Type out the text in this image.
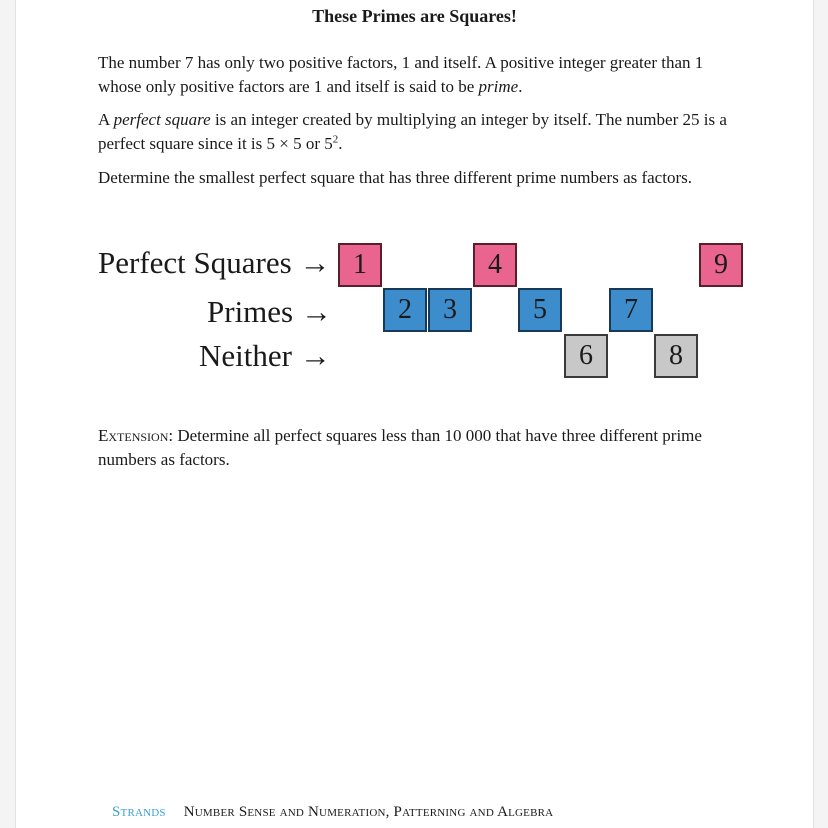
These Primes are Squares!

The number 7 has only two positive factors, 1 and itself. A positive integer greater than 1 whose only positive factors are 1 and itself is said to be prime.

A perfect square is an integer created by multiplying an integer by itself. The number 25 is a perfect square since it is 5 × 5 or $5^2$.

Determine the smallest perfect square that has three different prime numbers as factors.

Perfect Squares →
Primes →
Neither →
1
2	3
4
5
6
7
8
9

Extension: Determine all perfect squares less than 10 000 that have three different prime numbers as factors.

Strands Number Sense and Numeration, Patterning and Algebra
